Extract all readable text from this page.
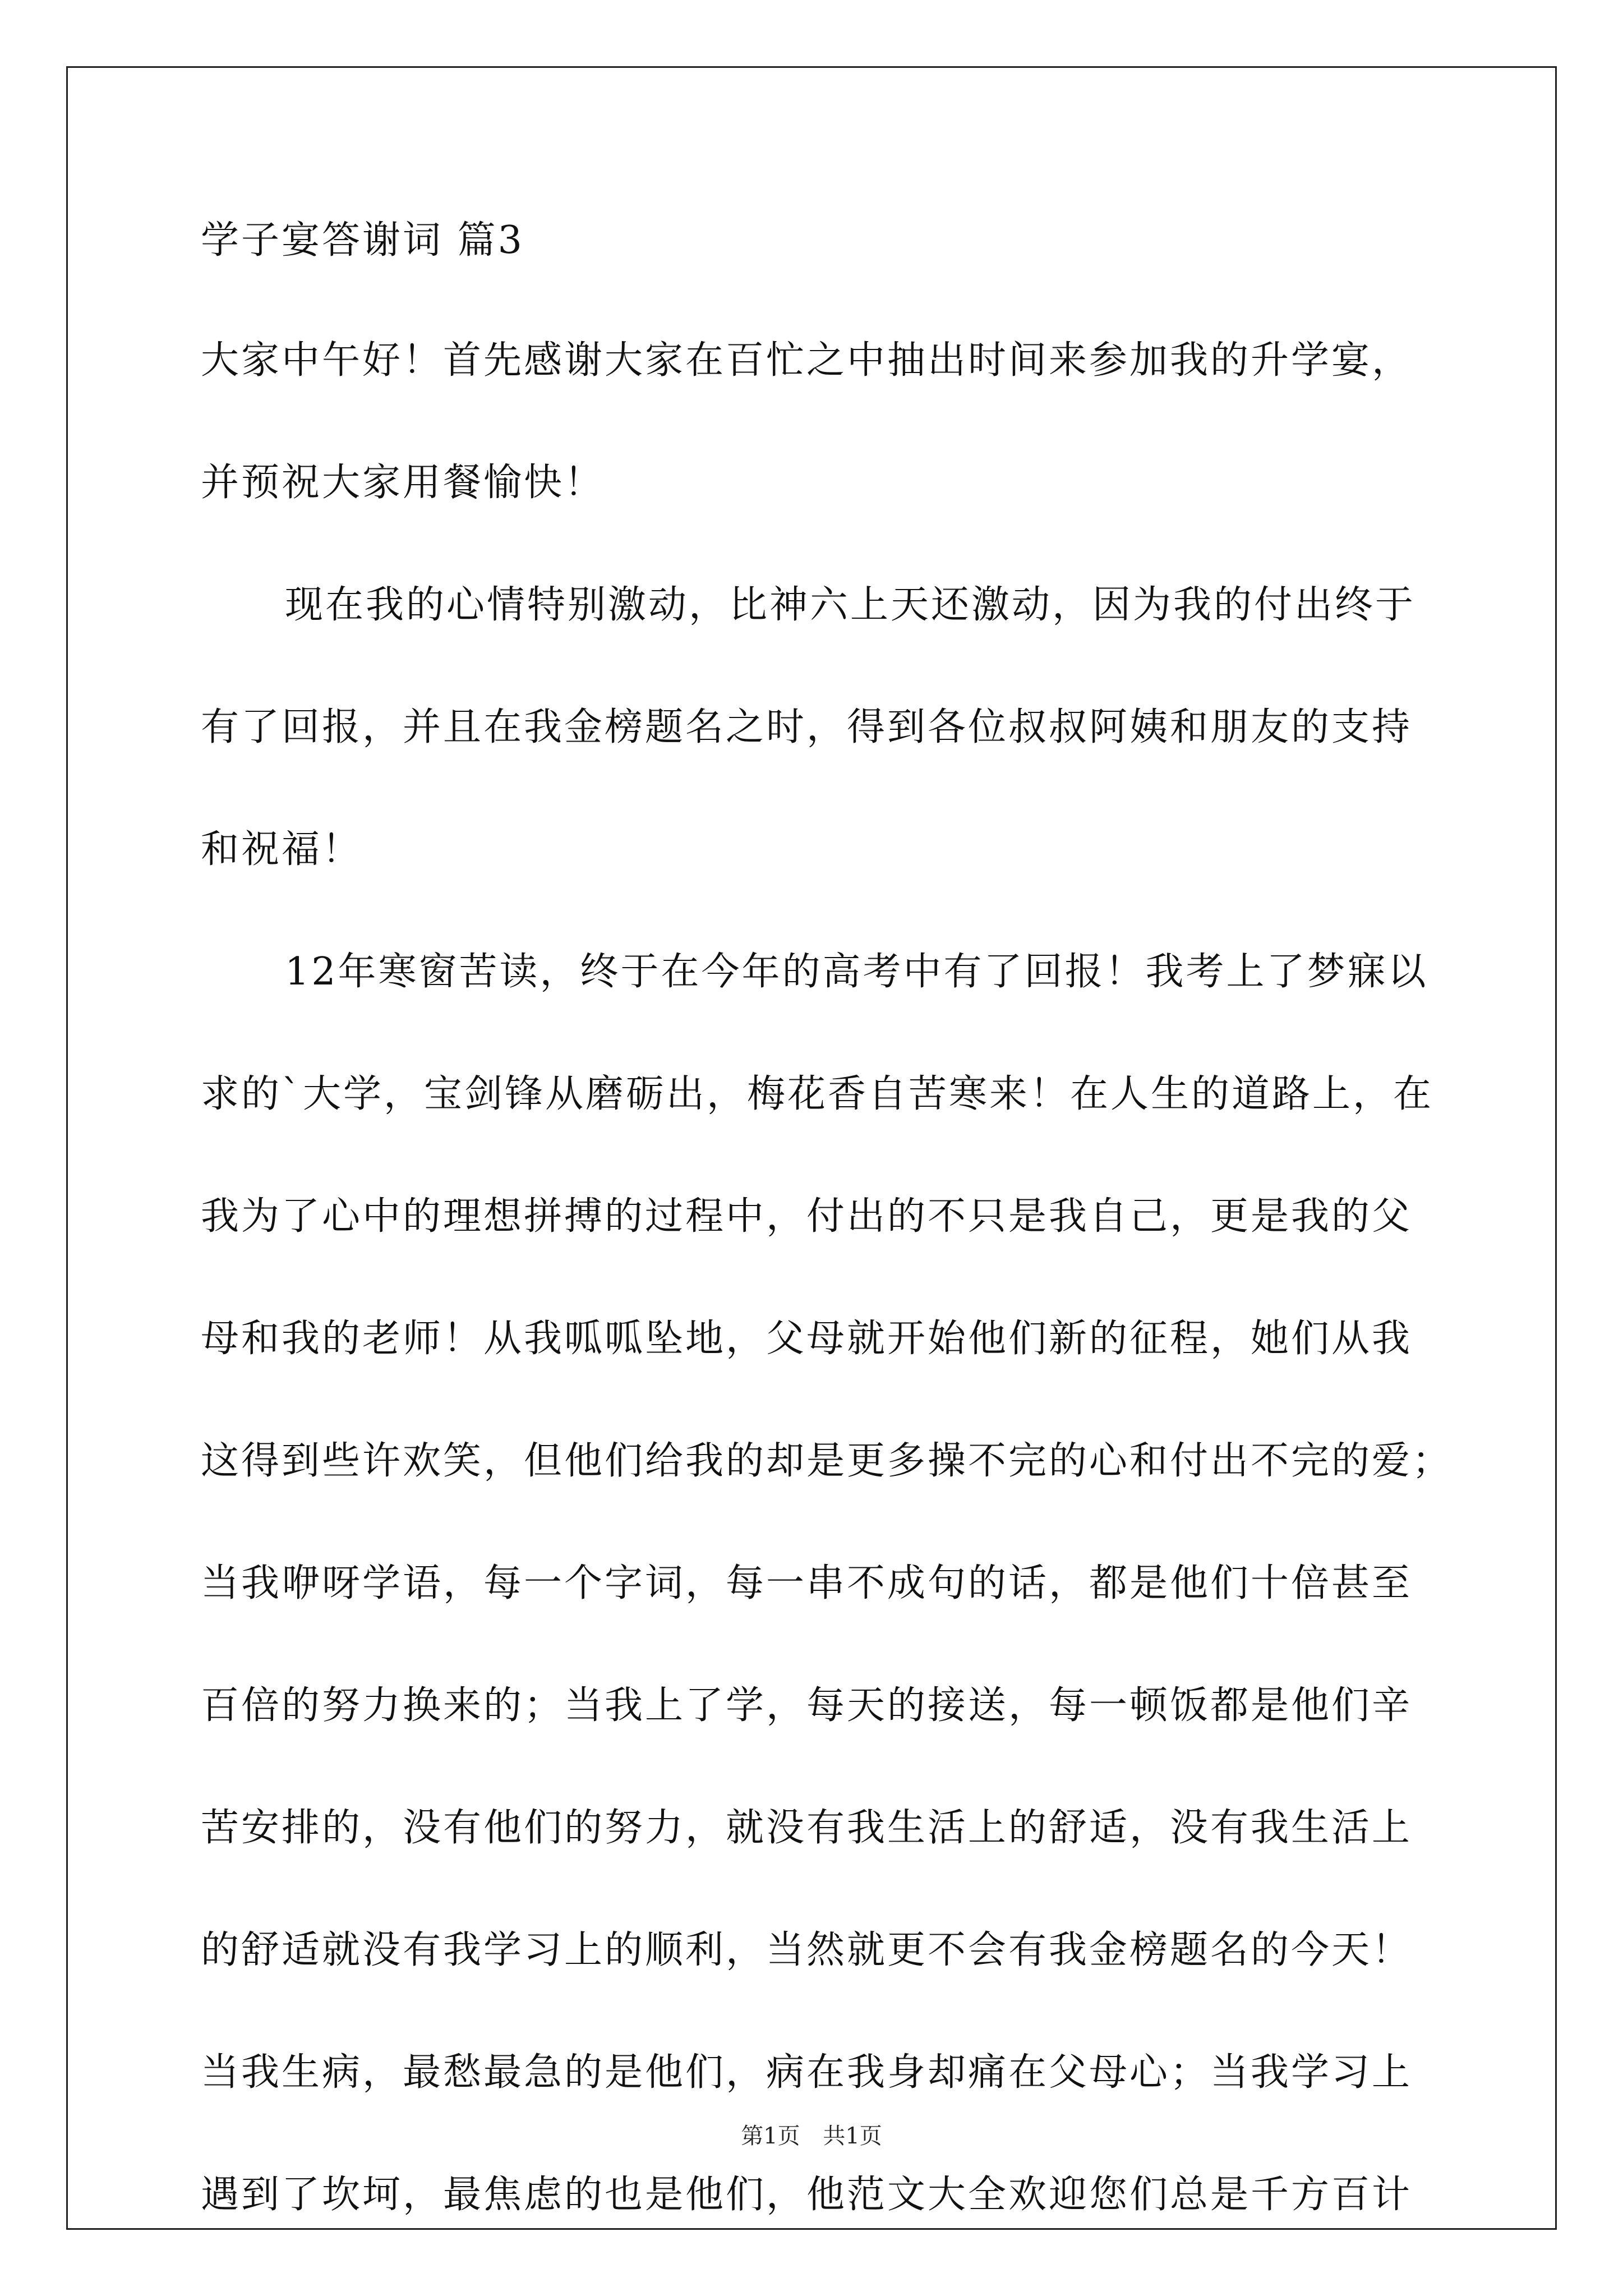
学子宴答谢词 篇3
大家中午好！首先感谢大家在百忙之中抽出时间来参加我的升学宴，
并预祝大家用餐愉快！
现在我的心情特别激动，比神六上天还激动，因为我的付出终于
有了回报，并且在我金榜题名之时，得到各位叔叔阿姨和朋友的支持
和祝福！
12年寒窗苦读，终于在今年的高考中有了回报！我考上了梦寐以
求的`大学，宝剑锋从磨砺出，梅花香自苦寒来！在人生的道路上，在
我为了心中的理想拼搏的过程中，付出的不只是我自己，更是我的父
母和我的老师！从我呱呱坠地，父母就开始他们新的征程，她们从我
这得到些许欢笑，但他们给我的却是更多操不完的心和付出不完的爱；
当我咿呀学语，每一个字词，每一串不成句的话，都是他们十倍甚至
百倍的努力换来的；当我上了学，每天的接送，每一顿饭都是他们辛
苦安排的，没有他们的努力，就没有我生活上的舒适，没有我生活上
的舒适就没有我学习上的顺利，当然就更不会有我金榜题名的今天！
当我生病，最愁最急的是他们，病在我身却痛在父母心；当我学习上
遇到了坎坷，最焦虑的也是他们，他范文大全欢迎您们总是千方百计
第1页 共1页
